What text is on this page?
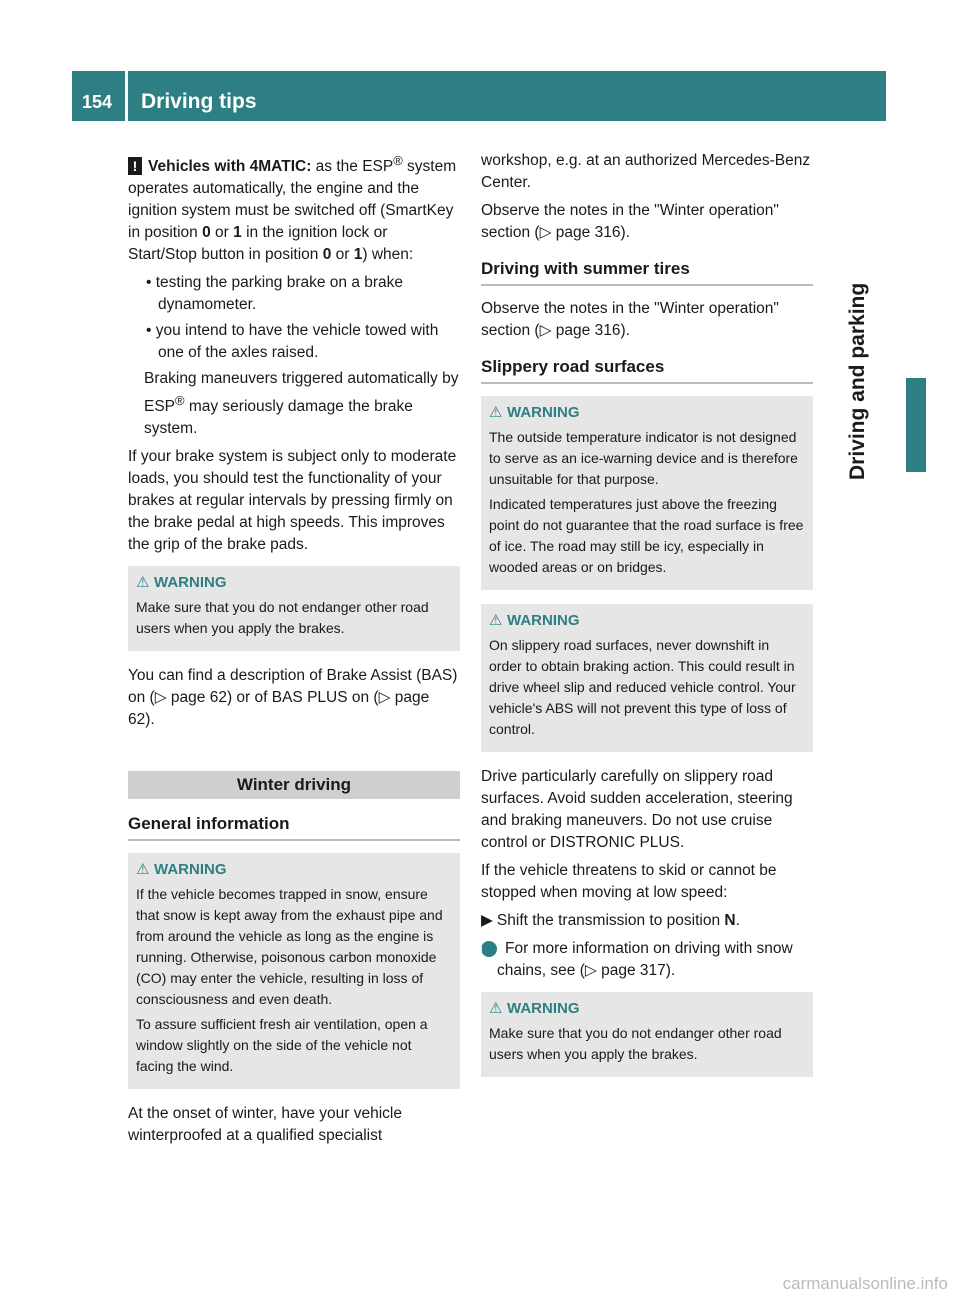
154 Driving tips
Driving and parking

! Vehicles with 4MATIC: as the ESP® system operates automatically, the engine and the ignition system must be switched off (SmartKey in position 0 or 1 in the ignition lock or Start/Stop button in position 0 or 1) when:

• testing the parking brake on a brake dynamometer.

• you intend to have the vehicle towed with one of the axles raised.

Braking maneuvers triggered automatically by ESP® may seriously damage the brake system.

If your brake system is subject only to moderate loads, you should test the functionality of your brakes at regular intervals by pressing firmly on the brake pedal at high speeds. This improves the grip of the brake pads.

⚠ WARNING

Make sure that you do not endanger other road users when you apply the brakes.

You can find a description of Brake Assist (BAS) on (▷ page 62) or of BAS PLUS on (▷ page 62).

Winter driving

General information

⚠ WARNING

If the vehicle becomes trapped in snow, ensure that snow is kept away from the exhaust pipe and from around the vehicle as long as the engine is running. Otherwise, poisonous carbon monoxide (CO) may enter the vehicle, resulting in loss of consciousness and even death.

To assure sufficient fresh air ventilation, open a window slightly on the side of the vehicle not facing the wind.

At the onset of winter, have your vehicle winterproofed at a qualified specialist

workshop, e.g. at an authorized Mercedes-Benz Center.

Observe the notes in the "Winter operation" section (▷ page 316).

Driving with summer tires

Observe the notes in the "Winter operation" section (▷ page 316).

Slippery road surfaces

⚠ WARNING

The outside temperature indicator is not designed to serve as an ice-warning device and is therefore unsuitable for that purpose.

Indicated temperatures just above the freezing point do not guarantee that the road surface is free of ice. The road may still be icy, especially in wooded areas or on bridges.

⚠ WARNING

On slippery road surfaces, never downshift in order to obtain braking action. This could result in drive wheel slip and reduced vehicle control. Your vehicle's ABS will not prevent this type of loss of control.

Drive particularly carefully on slippery road surfaces. Avoid sudden acceleration, steering and braking maneuvers. Do not use cruise control or DISTRONIC PLUS.

If the vehicle threatens to skid or cannot be stopped when moving at low speed:

▶ Shift the transmission to position N.

i For more information on driving with snow chains, see (▷ page 317).

⚠ WARNING

Make sure that you do not endanger other road users when you apply the brakes.

carmanualsonline.info
